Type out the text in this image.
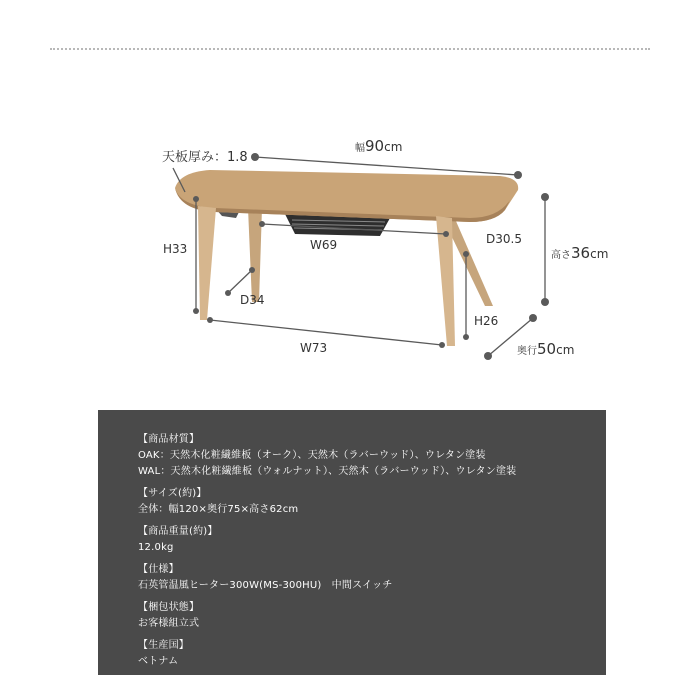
天板厚み：1.8
幅90cm
高さ36cm
奥行50cm
H33	W69	D30.5
D34
H26
W73
【商品材質】
OAK：天然木化粧繊維板（オーク）、天然木（ラバーウッド）、ウレタン塗装
WAL：天然木化粧繊維板（ウォルナット）、天然木（ラバーウッド）、ウレタン塗装
【サイズ(約)】
全体：幅120×奥行75×高さ62cm
【商品重量(約)】
12.0kg
【仕様】
石英管温風ヒーター300W(MS-300HU)　中間スイッチ
【梱包状態】
お客様組立式
【生産国】
ベトナム
